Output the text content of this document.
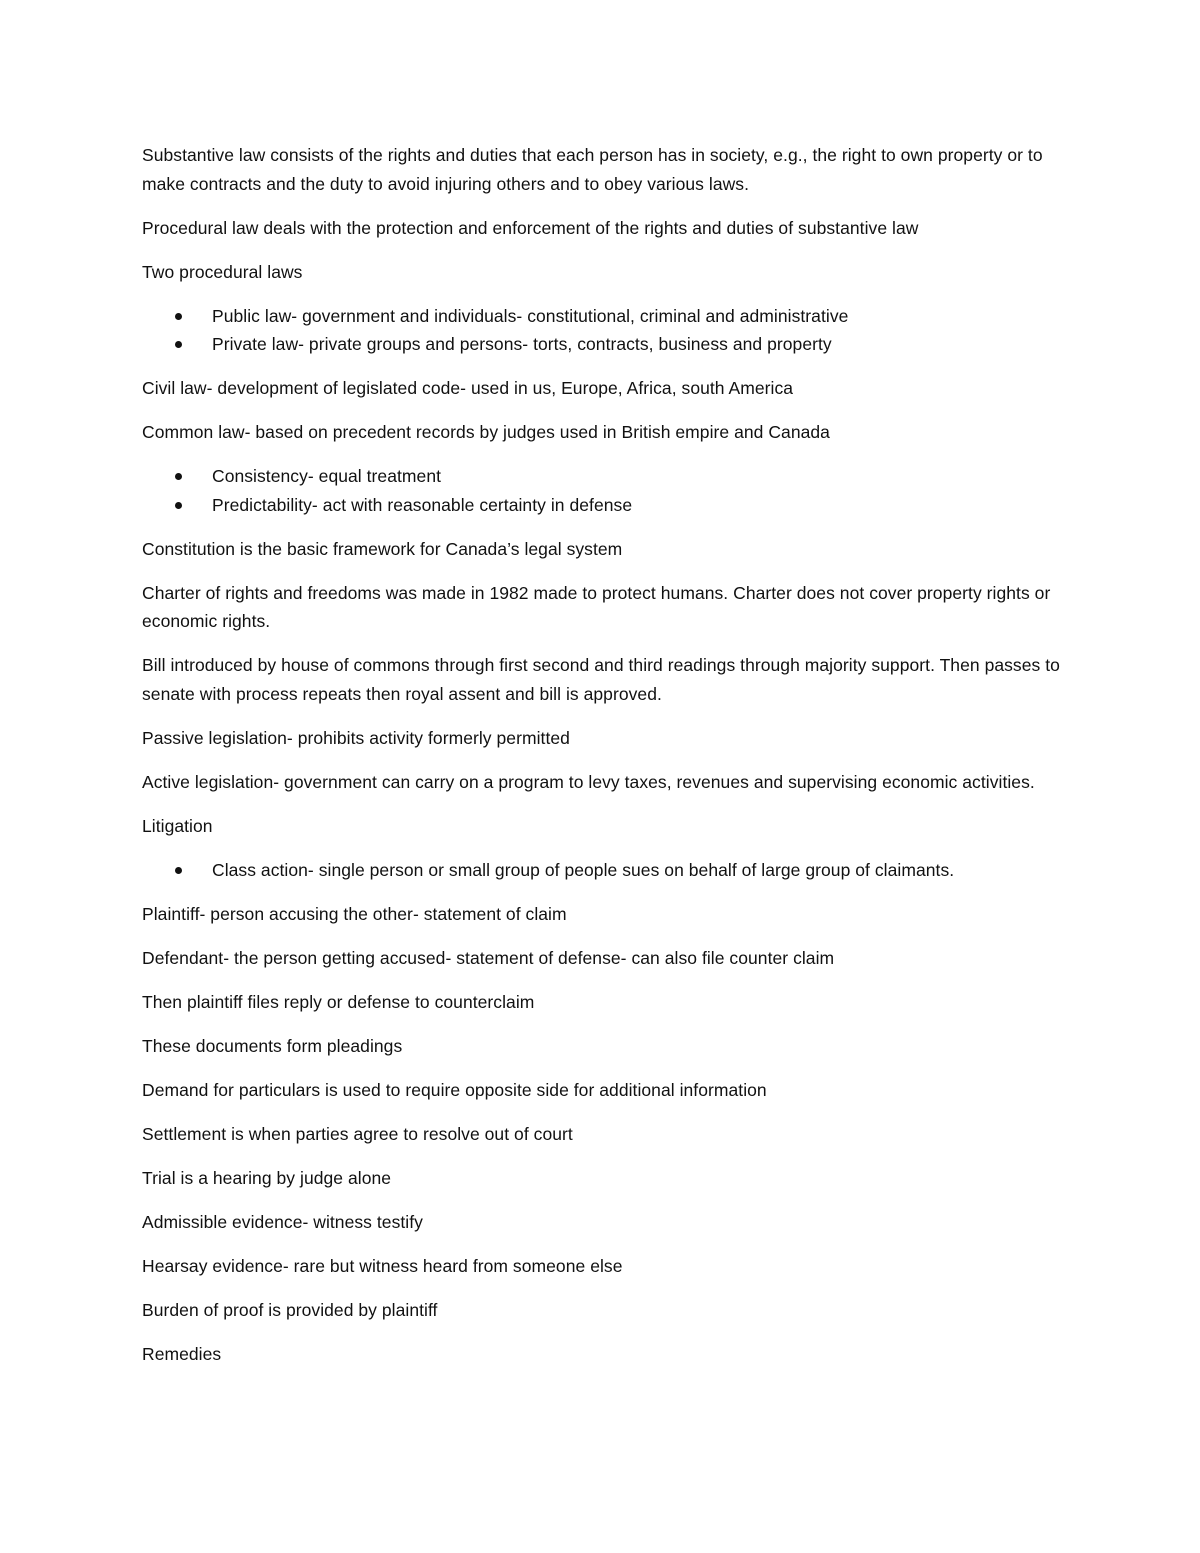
Substantive law consists of the rights and duties that each person has in society, e.g., the right to own property or to make contracts and the duty to avoid injuring others and to obey various laws.

Procedural law deals with the protection and enforcement of the rights and duties of substantive law

Two procedural laws

Public law- government and individuals- constitutional, criminal and administrative
Private law- private groups and persons- torts, contracts, business and property

Civil law- development of legislated code- used in us, Europe, Africa, south America

Common law- based on precedent records by judges used in British empire and Canada

Consistency- equal treatment
Predictability- act with reasonable certainty in defense

Constitution is the basic framework for Canada’s legal system

Charter of rights and freedoms was made in 1982 made to protect humans. Charter does not cover property rights or economic rights.

Bill introduced by house of commons through first second and third readings through majority support. Then passes to senate with process repeats then royal assent and bill is approved.

Passive legislation- prohibits activity formerly permitted

Active legislation- government can carry on a program to levy taxes, revenues and supervising economic activities.

Litigation

Class action- single person or small group of people sues on behalf of large group of claimants.

Plaintiff- person accusing the other- statement of claim

Defendant- the person getting accused- statement of defense- can also file counter claim

Then plaintiff files reply or defense to counterclaim

These documents form pleadings

Demand for particulars is used to require opposite side for additional information

Settlement is when parties agree to resolve out of court

Trial is a hearing by judge alone

Admissible evidence- witness testify

Hearsay evidence- rare but witness heard from someone else

Burden of proof is provided by plaintiff

Remedies
